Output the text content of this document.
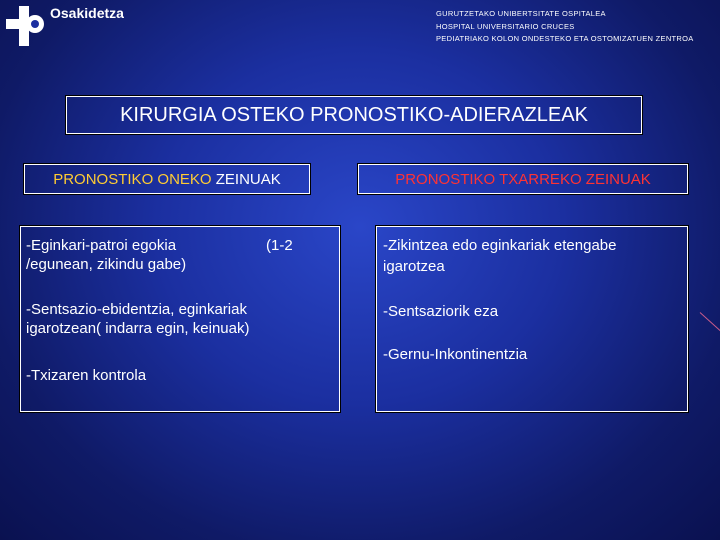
Osakidetza	GURUTZETAKO UNIBERTSITATE OSPITALEA
HOSPITAL UNIVERSITARIO CRUCES
PEDIATRIAKO KOLON ONDESTEKO ETA OSTOMIZATUEN ZENTROA
KIRURGIA OSTEKO PRONOSTIKO-ADIERAZLEAK
PRONOSTIKO ONEKO ZEINUAK	PRONOSTIKO TXARREKO ZEINUAK
-Eginkari-patroi egokia	(1-2
/egunean, zikindu gabe)
-Sentsazio-ebidentzia, eginkariak
igarotzean( indarra egin, keinuak)
-Txizaren kontrola
-Zikintzea edo eginkariak etengabe
igarotzea
-Sentsaziorik eza
-Gernu-Inkontinentzia
